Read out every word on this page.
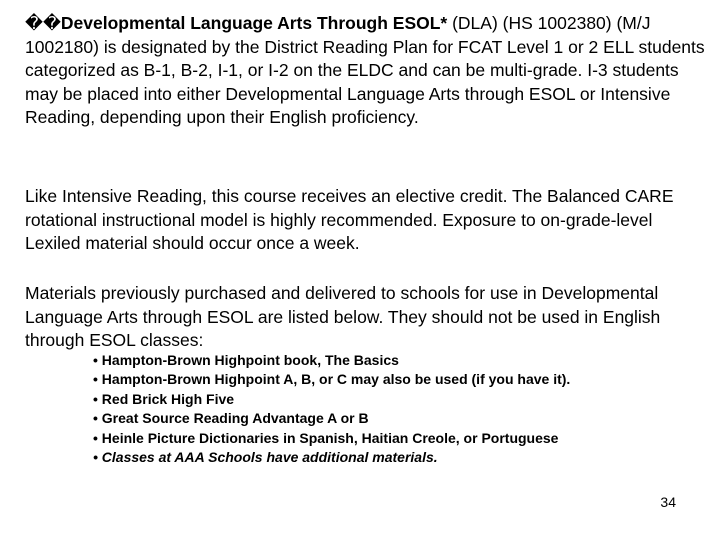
��Developmental Language Arts Through ESOL* (DLA) (HS 1002380) (M/J 1002180) is designated by the District Reading Plan for FCAT Level 1 or 2 ELL students categorized as B-1, B-2, I-1, or I-2 on the ELDC and can be multi-grade. I-3 students may be placed into either Developmental Language Arts through ESOL or Intensive Reading, depending upon their English proficiency.

Like Intensive Reading, this course receives an elective credit. The Balanced CARE rotational instructional model is highly recommended. Exposure to on-grade-level Lexiled material should occur once a week.

Materials previously purchased and delivered to schools for use in Developmental Language Arts through ESOL are listed below. They should not be used in English through ESOL classes:

• Hampton-Brown Highpoint book, The Basics
• Hampton-Brown Highpoint A, B, or C may also be used (if you have it).
• Red Brick High Five
• Great Source Reading Advantage A or B
• Heinle Picture Dictionaries in Spanish, Haitian Creole, or Portuguese
• Classes at AAA Schools have additional materials.
34
